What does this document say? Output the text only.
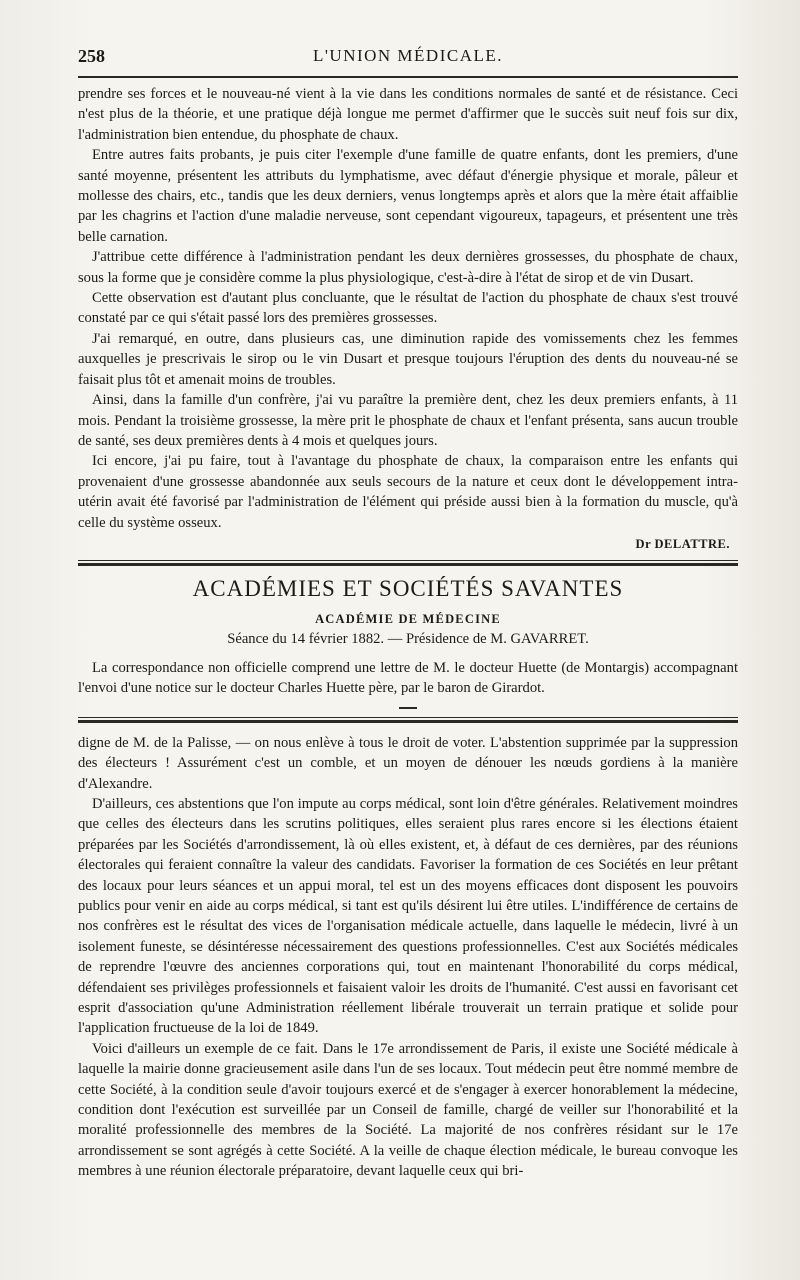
258	L'UNION MÉDICALE.

prendre ses forces et le nouveau-né vient à la vie dans les conditions normales de santé et de résistance. Ceci n'est plus de la théorie, et une pratique déjà longue me permet d'affirmer que le succès suit neuf fois sur dix, l'administration bien entendue, du phosphate de chaux.

Entre autres faits probants, je puis citer l'exemple d'une famille de quatre enfants, dont les premiers, d'une santé moyenne, présentent les attributs du lymphatisme, avec défaut d'énergie physique et morale, pâleur et mollesse des chairs, etc., tandis que les deux derniers, venus longtemps après et alors que la mère était affaiblie par les chagrins et l'action d'une maladie nerveuse, sont cependant vigoureux, tapageurs, et présentent une très belle carnation.

J'attribue cette différence à l'administration pendant les deux dernières grossesses, du phosphate de chaux, sous la forme que je considère comme la plus physiologique, c'est-à-dire à l'état de sirop et de vin Dusart.

Cette observation est d'autant plus concluante, que le résultat de l'action du phosphate de chaux s'est trouvé constaté par ce qui s'était passé lors des premières grossesses.

J'ai remarqué, en outre, dans plusieurs cas, une diminution rapide des vomissements chez les femmes auxquelles je prescrivais le sirop ou le vin Dusart et presque toujours l'éruption des dents du nouveau-né se faisait plus tôt et amenait moins de troubles.

Ainsi, dans la famille d'un confrère, j'ai vu paraître la première dent, chez les deux premiers enfants, à 11 mois. Pendant la troisième grossesse, la mère prit le phosphate de chaux et l'enfant présenta, sans aucun trouble de santé, ses deux premières dents à 4 mois et quelques jours.

Ici encore, j'ai pu faire, tout à l'avantage du phosphate de chaux, la comparaison entre les enfants qui provenaient d'une grossesse abandonnée aux seuls secours de la nature et ceux dont le développement intra-utérin avait été favorisé par l'administration de l'élément qui préside aussi bien à la formation du muscle, qu'à celle du système osseux.

Dr DELATTRE.
ACADÉMIES ET SOCIÉTÉS SAVANTES
ACADÉMIE DE MÉDECINE
Séance du 14 février 1882. — Présidence de M. GAVARRET.

La correspondance non officielle comprend une lettre de M. le docteur Huette (de Montargis) accompagnant l'envoi d'une notice sur le docteur Charles Huette père, par le baron de Girardot.

digne de M. de la Palisse, — on nous enlève à tous le droit de voter. L'abstention supprimée par la suppression des électeurs ! Assurément c'est un comble, et un moyen de dénouer les nœuds gordiens à la manière d'Alexandre.

D'ailleurs, ces abstentions que l'on impute au corps médical, sont loin d'être générales. Relativement moindres que celles des électeurs dans les scrutins politiques, elles seraient plus rares encore si les élections étaient préparées par les Sociétés d'arrondissement, là où elles existent, et, à défaut de ces dernières, par des réunions électorales qui feraient connaître la valeur des candidats. Favoriser la formation de ces Sociétés en leur prêtant des locaux pour leurs séances et un appui moral, tel est un des moyens efficaces dont disposent les pouvoirs publics pour venir en aide au corps médical, si tant est qu'ils désirent lui être utiles. L'indifférence de certains de nos confrères est le résultat des vices de l'organisation médicale actuelle, dans laquelle le médecin, livré à un isolement funeste, se désintéresse nécessairement des questions professionnelles. C'est aux Sociétés médicales de reprendre l'œuvre des anciennes corporations qui, tout en maintenant l'honorabilité du corps médical, défendaient ses privilèges professionnels et faisaient valoir les droits de l'humanité. C'est aussi en favorisant cet esprit d'association qu'une Administration réellement libérale trouverait un terrain pratique et solide pour l'application fructueuse de la loi de 1849.

Voici d'ailleurs un exemple de ce fait. Dans le 17e arrondissement de Paris, il existe une Société médicale à laquelle la mairie donne gracieusement asile dans l'un de ses locaux. Tout médecin peut être nommé membre de cette Société, à la condition seule d'avoir toujours exercé et de s'engager à exercer honorablement la médecine, condition dont l'exécution est surveillée par un Conseil de famille, chargé de veiller sur l'honorabilité et la moralité professionnelle des membres de la Société. La majorité de nos confrères résidant sur le 17e arrondissement se sont agrégés à cette Société. A la veille de chaque élection médicale, le bureau convoque les membres à une réunion électorale préparatoire, devant laquelle ceux qui bri-
